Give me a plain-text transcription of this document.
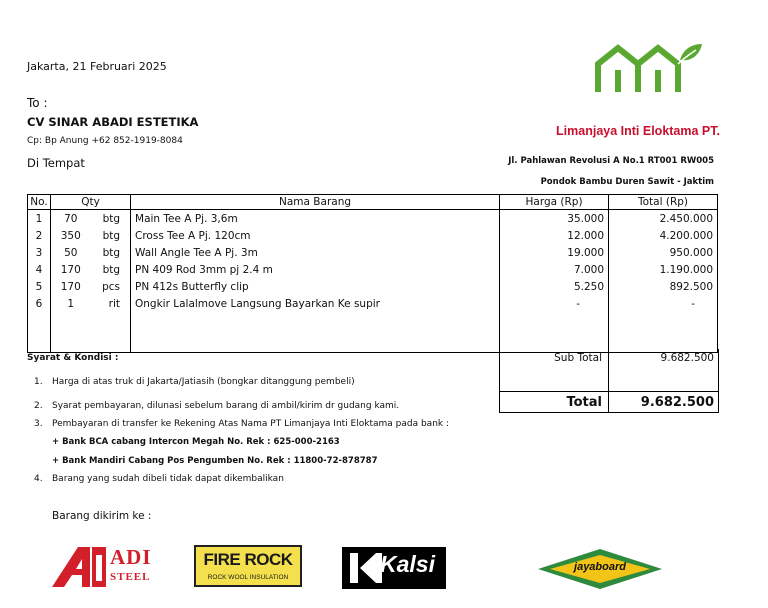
Jakarta, 21 Februari 2025
To :
CV SINAR ABADI ESTETIKA
Cp: Bp Anung +62 852-1919-8084
Di Tempat
Limanjaya Inti Eloktama PT.
Jl. Pahlawan Revolusi A No.1 RT001 RW005
Pondok Bambu Duren Sawit - Jaktim
No.	Qty		Nama Barang	Harga (Rp)	Total (Rp)
1	70	btg	Main Tee A Pj. 3,6m	35.000	2.450.000
2	350	btg	Cross Tee A Pj. 120cm	12.000	4.200.000
3	50	btg	Wall Angle Tee A Pj. 3m	19.000	950.000
4	170	btg	PN 409 Rod 3mm pj 2.4 m	7.000	1.190.000
5	170	pcs	PN 412s Butterfly clip	5.250	892.500
6	1	rit	Ongkir Lalalmove Langsung Bayarkan Ke supir	-	-

Sub Total	9.682.500
Total	9.682.500
Syarat & Kondisi :
1. Harga di atas truk di Jakarta/Jatiasih (bongkar ditanggung pembeli)
2. Syarat pembayaran, dilunasi sebelum barang di ambil/kirim dr gudang kami.
3. Pembayaran di transfer ke Rekening Atas Nama PT Limanjaya Inti Eloktama pada bank :
+ Bank BCA cabang Intercon Megah No. Rek : 625-000-2163
+ Bank Mandiri Cabang Pos Pengumben No. Rek : 11800-72-878787
4. Barang yang sudah dibeli tidak dapat dikembalikan
Barang dikirim ke :
ADI
STEEL
FIRE ROCK
ROCK WOOL INSULATION
Kalsi	jayaboard
